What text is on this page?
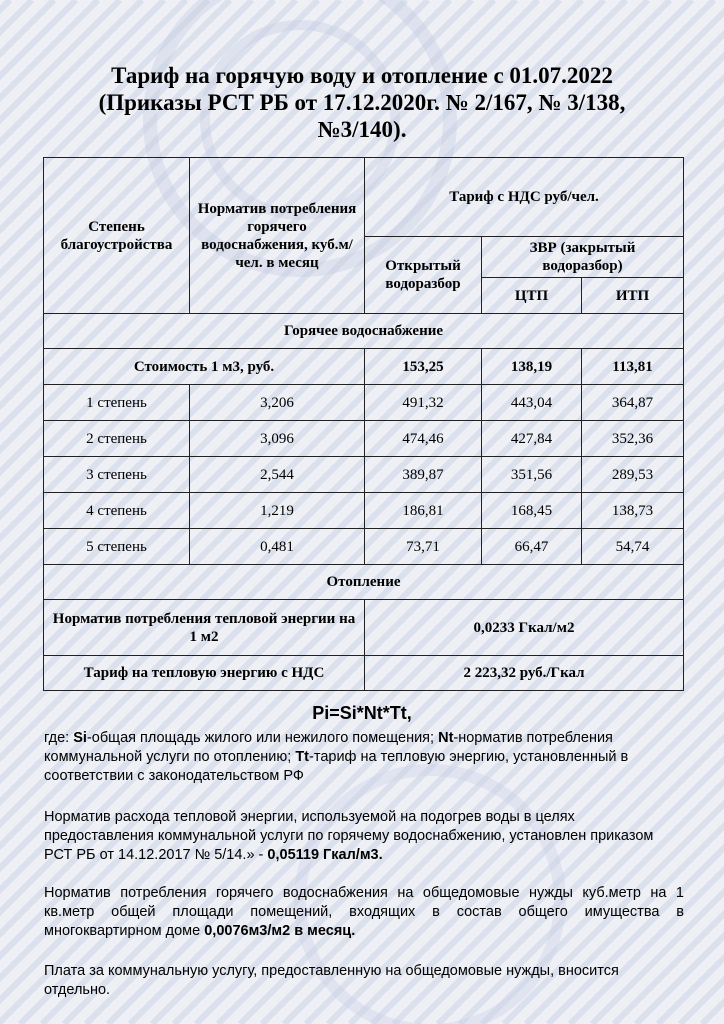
Тариф на горячую воду и отопление с 01.07.2022
(Приказы РСТ РБ от 17.12.2020г. № 2/167, № 3/138,
№3/140).
Степень благоустройства	Норматив потребления горячего водоснабжения, куб.м/чел. в месяц	Тариф с НДС руб/чел.		
		Открытый водоразбор	ЗВР (закрытый водоразбор)	
			ЦТП	ИТП
Горячее водоснабжение				
Стоимость 1 м3, руб.		153,25	138,19	113,81
1 степень	3,206	491,32	443,04	364,87
2 степень	3,096	474,46	427,84	352,36
3 степень	2,544	389,87	351,56	289,53
4 степень	1,219	186,81	168,45	138,73
5 степень	0,481	73,71	66,47	54,74
Отопление				
Норматив потребления тепловой энергии на 1 м2		0,0233 Гкал/м2		
Тариф на тепловую энергию с НДС		2 223,32 руб./Гкал		
Pi=Si*Nt*Tt,
где: Si-общая площадь жилого или нежилого помещения; Nt-норматив потребления коммунальной услуги по отоплению; Tt-тариф на тепловую энергию, установленный в соответствии с законодательством РФ
Норматив расхода тепловой энергии, используемой на подогрев воды в целях предоставления коммунальной услуги по горячему водоснабжению, установлен приказом РСТ РБ от 14.12.2017 № 5/14.» - 0,05119 Гкал/м3.
Норматив потребления горячего водоснабжения на общедомовые нужды куб.метр на 1 кв.метр общей площади помещений, входящих в состав общего имущества в многоквартирном доме 0,0076м3/м2 в месяц.
Плата за коммунальную услугу, предоставленную на общедомовые нужды, вносится отдельно.
